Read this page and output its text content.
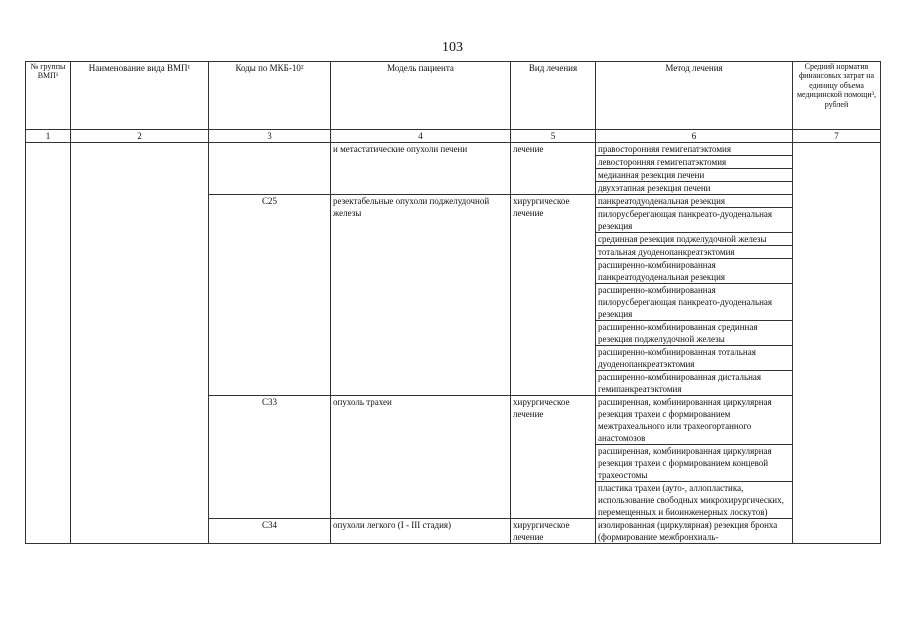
103
№ группы ВМП¹	Наименование вида ВМП¹	Коды по МКБ-10²	Модель пациента	Вид лечения	Метод лечения	Средний норматив финансовых затрат на единицу объема медицинской помощи³, рублей
1	2	3	4	5	6	7
			и метастатические опухоли печени	лечение	правосторонняя гемигепатэктомия	
					левосторонняя гемигепатэктомия	
					медианная резекция печени	
					двухэтапная резекция печени	
		С25	резектабельные опухоли поджелудочной железы	хирургическое лечение	панкреатодуоденальная резекция	
					пилорусберегающая панкреато-дуоденальная резекция	
					срединная резекция поджелудочной железы	
					тотальная дуоденопанкреатэктомия	
					расширенно-комбинированная панкреатодуоденальная резекция	
					расширенно-комбинированная пилорусберегающая панкреато-дуоденальная резекция	
					расширенно-комбинированная срединная резекция поджелудочной железы	
					расширенно-комбинированная тотальная дуоденопанкреатэктомия	
					расширенно-комбинированная дистальная гемипанкреатэктомия	
		С33	опухоль трахеи	хирургическое лечение	расширенная, комбинированная циркулярная резекция трахеи с формированием межтрахеального или трахеогортанного анастомозов	
					расширенная, комбинированная циркулярная резекция трахеи с формированием концевой трахеостомы	
					пластика трахеи (ауто-, аллопластика, использование свободных микрохирургических, перемещенных и биоинженерных лоскутов)	
		С34	опухоли легкого (I - III стадия)	хирургическое лечение	изолированная (циркулярная) резекция бронха (формирование межбронхиаль-	
